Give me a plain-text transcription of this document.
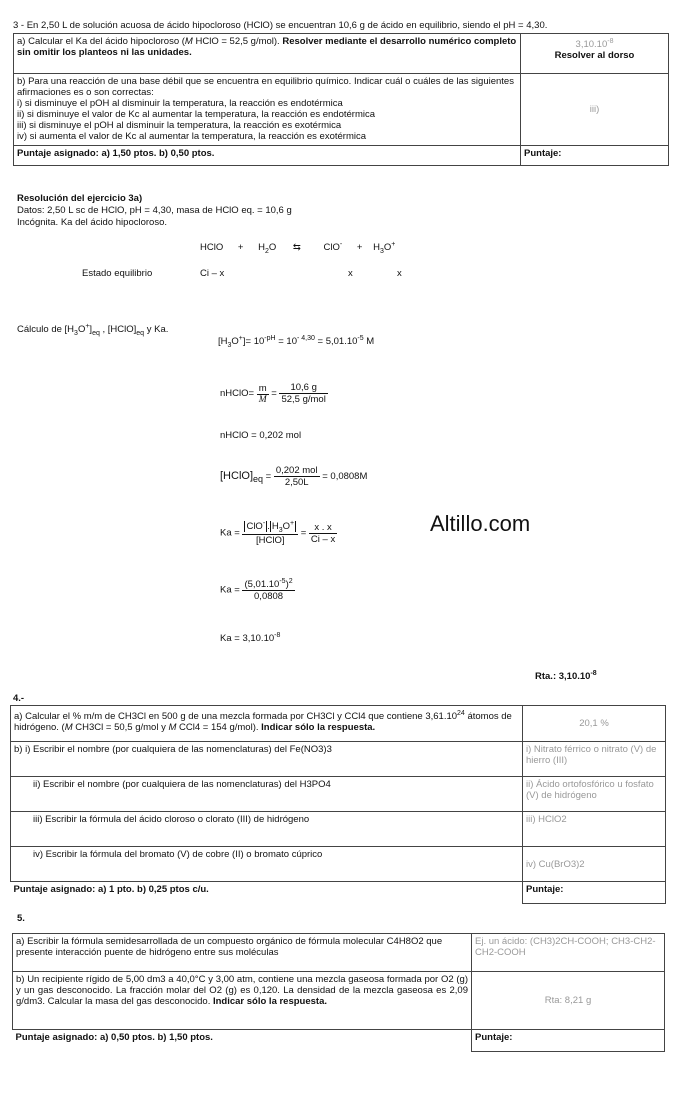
3 - En 2,50 L de solución acuosa de ácido hipocloroso (HClO) se encuentran 10,6 g de ácido en equilibrio, siendo el pH = 4,30.
a) Calcular el Ka del ácido hipocloroso (M HClO = 52,5 g/mol). Resolver mediante el desarrollo numérico completo sin omitir los planteos ni las unidades.	$3,10.10^{-8}$
Resolver al dorso

b) Para una reacción de una base débil que se encuentra en equilibrio químico. Indicar cuál o cuáles de las siguientes afirmaciones es o son correctas:
i) si disminuye el pOH al disminuir la temperatura, la reacción es endotérmica
ii) si disminuye el valor de Kc al aumentar la temperatura, la reacción es endotérmica
iii) si disminuye el pOH al disminuir la temperatura, la reacción es exotérmica
iv) si aumenta el valor de Kc al aumentar la temperatura, la reacción es exotérmica	iii)
Puntaje asignado: a) 1,50 ptos. b) 0,50 ptos.	Puntaje:
Resolución del ejercicio 3a)
Datos: 2,50 L sc de HClO, pH = 4,30, masa de HClO eq. = 10,6 g
Incógnita. Ka del ácido hipocloroso.
HClO + $H_2O$ ⇆ $ClO^- + H_3O^+$
Estado equilibrio	Ci – x	x	x
Cálculo de $[H_3O^+]_{eq}$ , $[HClO]_{eq}$ y Ka.
$[H_3O^+]= 10^{-pH} = 10^{- 4,30} = 5,01.10^{-5}$ M
nHClO= $\frac{m}{M} = \frac{10,6 g}{\text{52,5 g/mol}}$
nHClO = 0,202 mol
$[HClO]_{eq} = \frac{\text{0,202 mol}}{2,50L} = 0,0808M$
$Ka = \frac{ClO^- . H_3O^+}{\text{[HClO]}} = \frac{x . x}{Ci - x}$	Altillo.com
$Ka = \frac{(5,01.10^{-5})^2}{0,0808}$
$Ka = 3,10.10^{-8}$
Rta.: $3,10.10^{-8}$
4.-
a) Calcular el % m/m de CH3Cl en 500 g de una mezcla formada por CH3Cl y CCl4 que contiene 3,61.10$^{24}$ átomos de hidrógeno. (M CH3Cl = 50,5 g/mol y M CCl4 = 154 g/mol). Indicar sólo la respuesta.	20,1 %
b) i) Escribir el nombre (por cualquiera de las nomenclaturas) del Fe(NO3)3	i) Nitrato férrico o nitrato (V) de hierro (III)
ii) Escribir el nombre (por cualquiera de las nomenclaturas) del H3PO4	ii) Ácido ortofosfórico u fosfato (V) de hidrógeno
iii) Escribir la fórmula del ácido cloroso o clorato (III) de hidrógeno	iii) HClO2
iv) Escribir la fórmula del bromato (V) de cobre (II) o bromato cúprico	iv) Cu(BrO3)2
Puntaje asignado: a) 1 pto. b) 0,25 ptos c/u.	Puntaje:
5.
a) Escribir la fórmula semidesarrollada de un compuesto orgánico de fórmula molecular C4H8O2 que presente interacción puente de hidrógeno entre sus moléculas	Ej. un ácido: (CH3)2CH-COOH; CH3-CH2-CH2-COOH
b) Un recipiente rígido de 5,00 dm3 a 40,0°C y 3,00 atm, contiene una mezcla gaseosa formada por O2 (g) y un gas desconocido. La fracción molar del O2 (g) es 0,120. La densidad de la mezcla gaseosa es 2,09 g/dm3. Calcular la masa del gas desconocido. Indicar sólo la respuesta.	Rta: 8,21 g
Puntaje asignado: a) 0,50 ptos. b) 1,50 ptos.	Puntaje:
